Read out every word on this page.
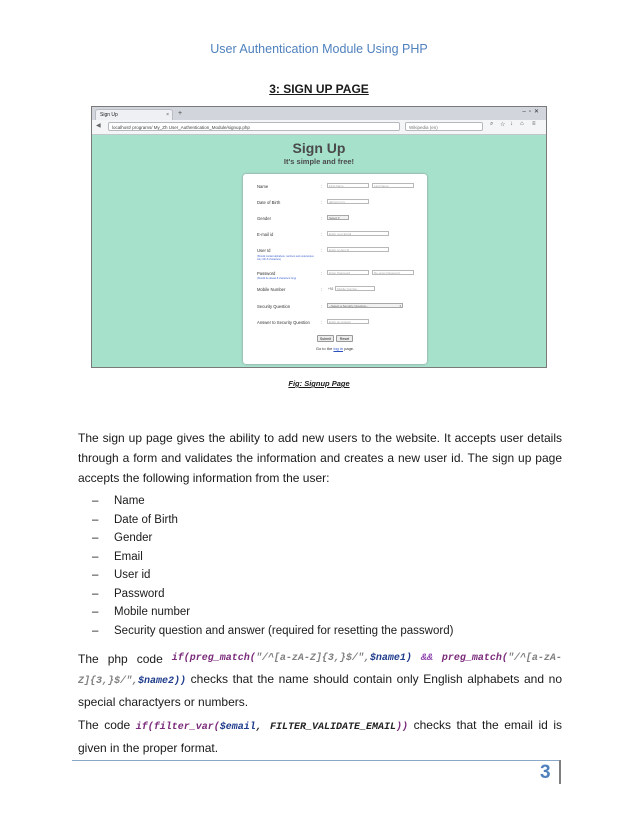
User Authentication Module Using PHP
3: SIGN UP PAGE
Sign Up	× +	–▫✕
◀	localhost/ programs/ My_Zh User_Authentication_Module/signup.php	Wikipedia (en)
⌕ ☆ ↓ ⌂ ≡
Sign Up
It's simple and free!
Name	:	First Name	Last Name
Date of Birth	:	dd/mm/yyyy
Gender	:	Select ▾
E-mail id	:	Enter your Email
User Id	:	Enter a User Id
(Should contain alphabets, numbers and underscores only. Min 8 characters)
Password	:	Enter Password	Re-enter Password
(Should be atleast 8 characters long)
Mobile Number	: +91	Mobile Number
Security Question	:	--Select a Security Question--	▾
Answer to Security Question	:	Enter an Answer
Submit	Reset
Go to the log in page.
Fig: Signup Page
The sign up page gives the ability to add new users to the website. It accepts user details through a form and validates the information and creates a new user id. The sign up page accepts the following information from the user:
– Name
– Date of Birth
– Gender
– Email
– User id
– Password
– Mobile number
– Security question and answer (required for resetting the password)
The php code if(preg_match("/^[a-zA-Z]{3,}$/",$name1) && preg_match("/^[a-zA-
Z]{3,}$/",$name2)) checks that the name should contain only English alphabets and no special charactyers or numbers.
The code if(filter_var($email, FILTER_VALIDATE_EMAIL)) checks that the email id is given in the proper format.
3
